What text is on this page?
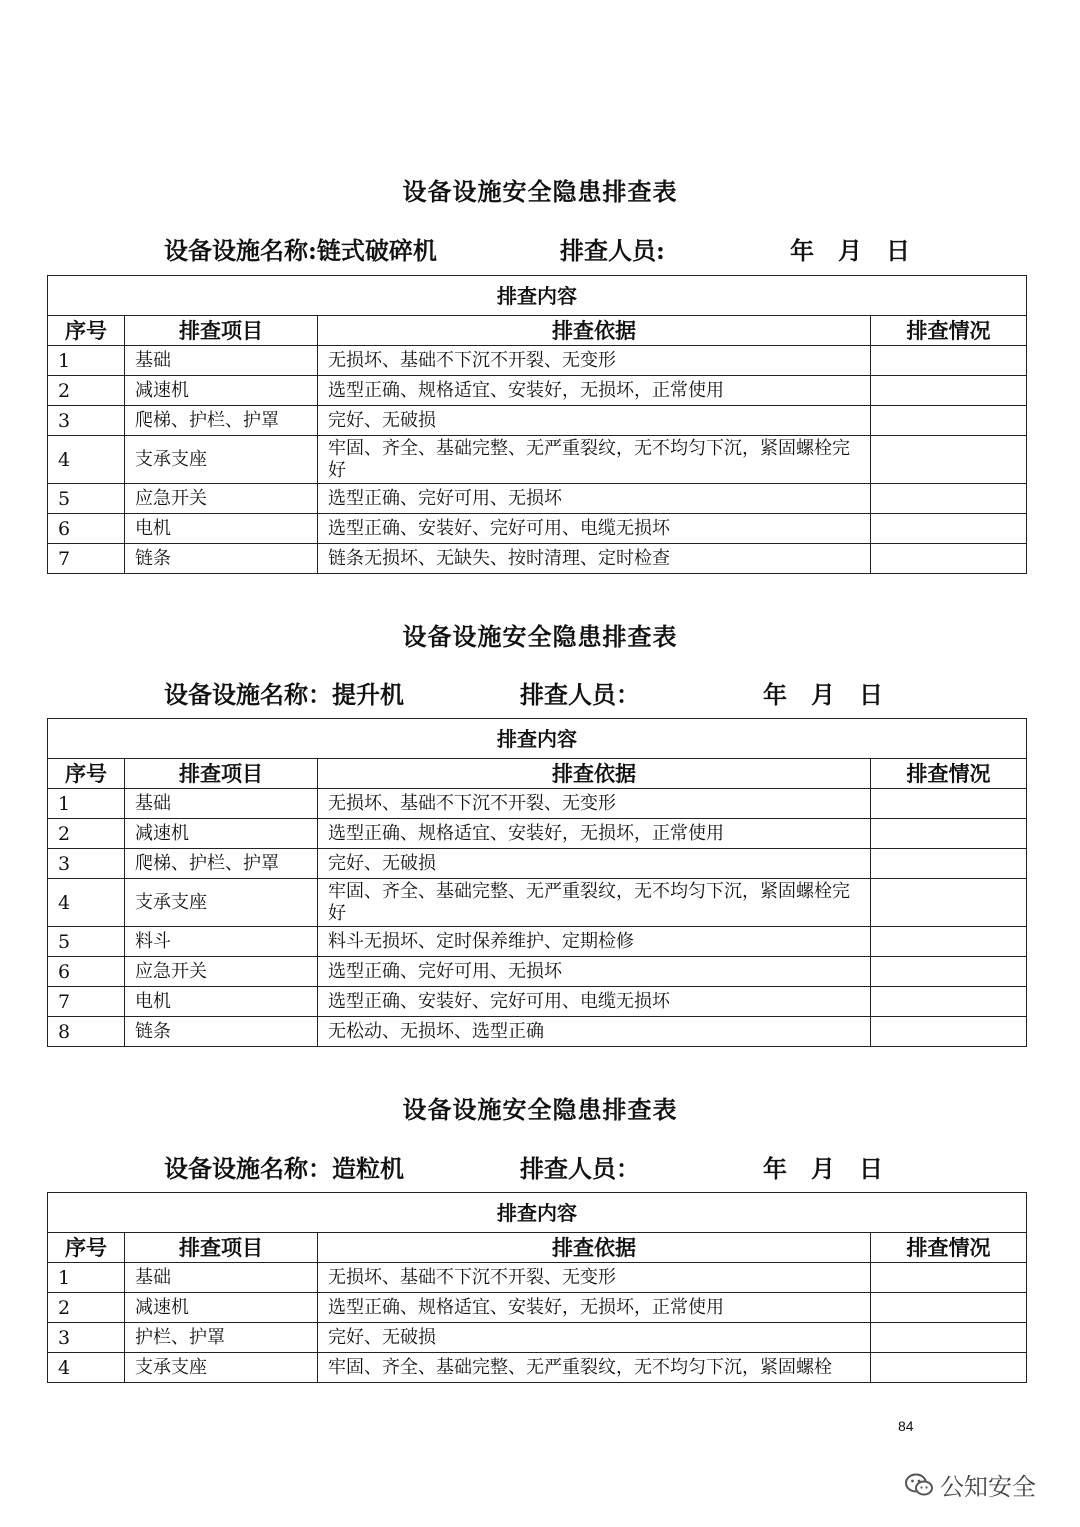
设备设施安全隐患排查表
设备设施名称:链式破碎机	排查人员:	年　月　日
排查内容			
序号	排查项目	排查依据	排查情况
1	基础	无损坏、基础不下沉不开裂、无变形	
2	减速机	选型正确、规格适宜、安装好，无损坏，正常使用	
3	爬梯、护栏、护罩	完好、无破损	
4	支承支座	牢固、齐全、基础完整、无严重裂纹，无不均匀下沉，紧固螺栓完好	
5	应急开关	选型正确、完好可用、无损坏	
6	电机	选型正确、安装好、完好可用、电缆无损坏	
7	链条	链条无损坏、无缺失、按时清理、定时检查	
设备设施安全隐患排查表
设备设施名称：提升机	排查人员：	年　月　日
排查内容			
序号	排查项目	排查依据	排查情况
1	基础	无损坏、基础不下沉不开裂、无变形	
2	减速机	选型正确、规格适宜、安装好，无损坏，正常使用	
3	爬梯、护栏、护罩	完好、无破损	
4	支承支座	牢固、齐全、基础完整、无严重裂纹，无不均匀下沉，紧固螺栓完好	
5	料斗	料斗无损坏、定时保养维护、定期检修	
6	应急开关	选型正确、完好可用、无损坏	
7	电机	选型正确、安装好、完好可用、电缆无损坏	
8	链条	无松动、无损坏、选型正确	
设备设施安全隐患排查表
设备设施名称：造粒机	排查人员：	年　月　日
排查内容			
序号	排查项目	排查依据	排查情况
1	基础	无损坏、基础不下沉不开裂、无变形	
2	减速机	选型正确、规格适宜、安装好，无损坏，正常使用	
3	护栏、护罩	完好、无破损	
4	支承支座	牢固、齐全、基础完整、无严重裂纹，无不均匀下沉，紧固螺栓	
84
公知安全
